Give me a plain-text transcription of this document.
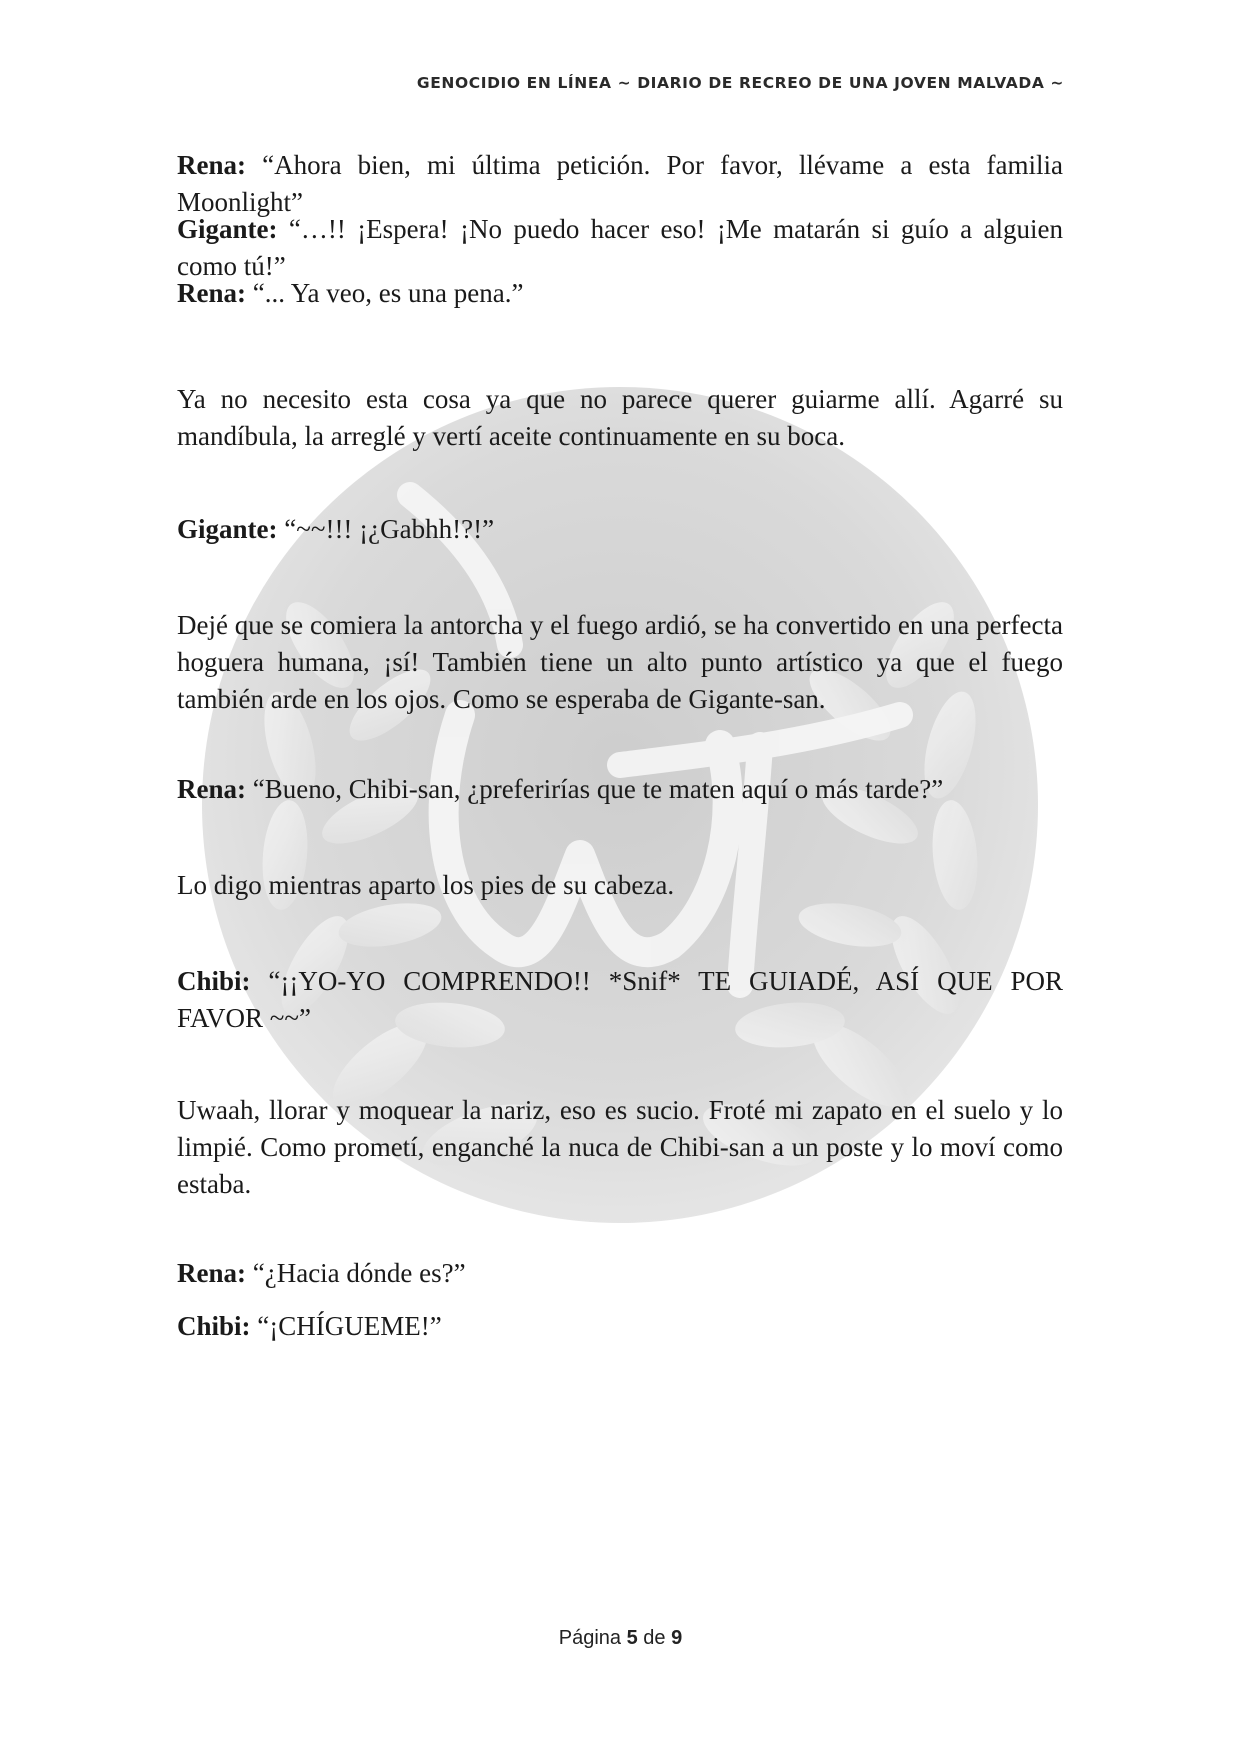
GENOCIDIO EN LÍNEA ~ DIARIO DE RECREO DE UNA JOVEN MALVADA ~

Rena: “Ahora bien, mi última petición. Por favor, llévame a esta familia Moonlight”

Gigante: “…!! ¡Espera! ¡No puedo hacer eso! ¡Me matarán si guío a alguien como tú!”

Rena: “... Ya veo, es una pena.”

Ya no necesito esta cosa ya que no parece querer guiarme allí. Agarré su mandíbula, la arreglé y vertí aceite continuamente en su boca.

Gigante: “~~!!! ¡¿Gabhh!?!”

Dejé que se comiera la antorcha y el fuego ardió, se ha convertido en una perfecta hoguera humana, ¡sí! También tiene un alto punto artístico ya que el fuego también arde en los ojos. Como se esperaba de Gigante-san.

Rena: “Bueno, Chibi-san, ¿preferirías que te maten aquí o más tarde?”

Lo digo mientras aparto los pies de su cabeza.

Chibi: “¡¡YO-YO COMPRENDO!! *Snif* TE GUIADÉ, ASÍ QUE POR FAVOR ~~”

Uwaah, llorar y moquear la nariz, eso es sucio. Froté mi zapato en el suelo y lo limpié. Como prometí, enganché la nuca de Chibi-san a un poste y lo moví como estaba.

Rena: “¿Hacia dónde es?”

Chibi: “¡CHÍGUEME!”

Página 5 de 9
